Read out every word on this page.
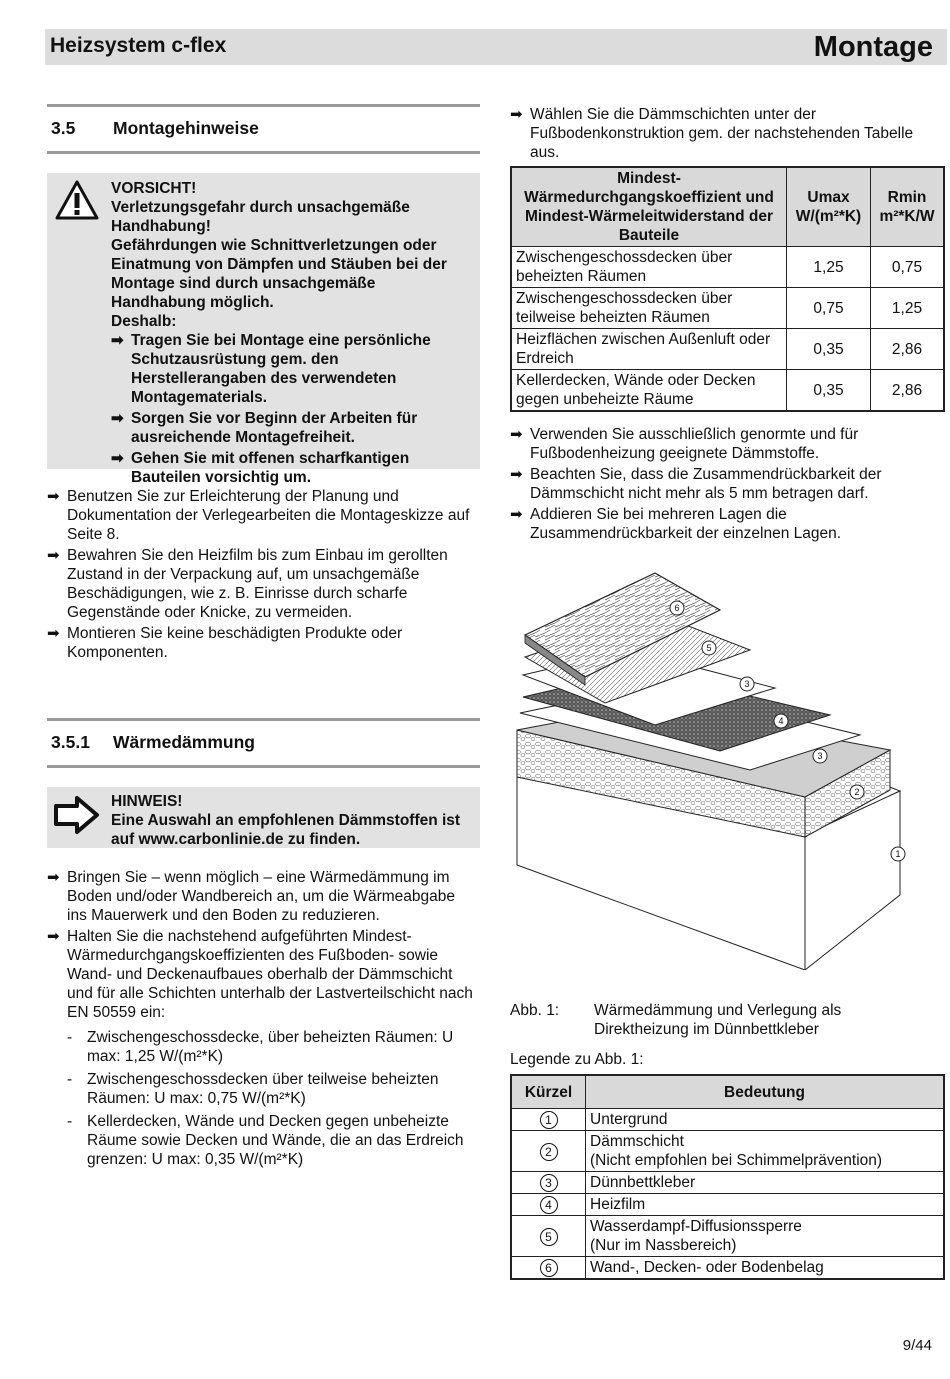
Heizsystem c-flex	Montage
3.5 Montagehinweise

VORSICHT!

Verletzungsgefahr durch unsachgemäße Handhabung!

Gefährdungen wie Schnittverletzungen oder Einatmung von Dämpfen und Stäuben bei der Montage sind durch unsachgemäße Handhabung möglich.

Deshalb:

➡ Tragen Sie bei Montage eine persönliche Schutzausrüstung gem. den Herstellerangaben des verwendeten Montagematerials.
➡ Sorgen Sie vor Beginn der Arbeiten für ausreichende Montagefreiheit.
➡ Gehen Sie mit offenen scharfkantigen Bauteilen vorsichtig um.
➡ Benutzen Sie zur Erleichterung der Planung und Dokumentation der Verlegearbeiten die Montageskizze auf Seite 8.
➡ Bewahren Sie den Heizfilm bis zum Einbau im gerollten Zustand in der Verpackung auf, um unsachgemäße Beschädigungen, wie z. B. Einrisse durch scharfe Gegenstände oder Knicke, zu vermeiden.
➡ Montieren Sie keine beschädigten Produkte oder Komponenten.
3.5.1 Wärmedämmung

HINWEIS!

Eine Auswahl an empfohlenen Dämmstoffen ist auf www.carbonlinie.de zu finden.

➡ Bringen Sie – wenn möglich – eine Wärmedämmung im Boden und/oder Wandbereich an, um die Wärmeabgabe ins Mauerwerk und den Boden zu reduzieren.
➡ Halten Sie die nachstehend aufgeführten Mindest-Wärmedurchgangskoeffizienten des Fußboden- sowie Wand- und Deckenaufbaues oberhalb der Dämmschicht und für alle Schichten unterhalb der Lastverteilschicht nach EN 50559 ein:
- Zwischengeschossdecke, über beheizten Räumen: U max: 1,25 W/(m²*K)
- Zwischengeschossdecken über teilweise beheizten Räumen: U max: 0,75 W/(m²*K)
- Kellerdecken, Wände und Decken gegen unbeheizte Räume sowie Decken und Wände, die an das Erdreich grenzen: U max: 0,35 W/(m²*K)
➡ Wählen Sie die Dämmschichten unter der Fußbodenkonstruktion gem. der nachstehenden Tabelle aus.
Mindest-Wärmedurchgangskoeffizient und Mindest-Wärmeleitwiderstand der Bauteile	Umax W/(m²*K)	Rmin m²*K/W
Zwischengeschossdecken über beheizten Räumen	1,25	0,75
Zwischengeschossdecken über teilweise beheizten Räumen	0,75	1,25
Heizflächen zwischen Außenluft oder Erdreich	0,35	2,86
Kellerdecken, Wände oder Decken gegen unbeheizte Räume	0,35	2,86
➡ Verwenden Sie ausschließlich genormte und für Fußbodenheizung geeignete Dämmstoffe.
➡ Beachten Sie, dass die Zusammendrückbarkeit der Dämmschicht nicht mehr als 5 mm betragen darf.
➡ Addieren Sie bei mehreren Lagen die Zusammendrückbarkeit der einzelnen Lagen.
6
5
3
4
3
2
1
Abb. 1: Wärmedämmung und Verlegung als Direktheizung im Dünnbettkleber
Legende zu Abb. 1:
Kürzel	Bedeutung
1	Untergrund
2	Dämmschicht
(Nicht empfohlen bei Schimmelprävention)
3	Dünnbettkleber
4	Heizfilm
5	Wasserdampf-Diffusionssperre
(Nur im Nassbereich)
6	Wand-, Decken- oder Bodenbelag
9/44
